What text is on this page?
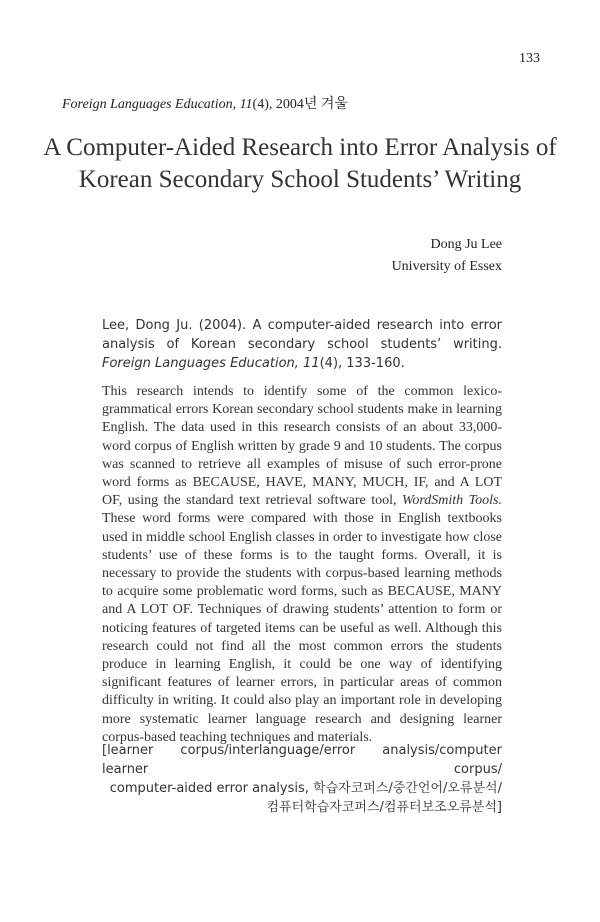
133
Foreign Languages Education, 11(4), 2004년 겨울
A Computer-Aided Research into Error Analysis of
Korean Secondary School Students’ Writing
Dong Ju Lee
University of Essex
Lee, Dong Ju. (2004). A computer-aided research into error analysis of Korean secondary school students’ writing. Foreign Languages Education, 11(4), 133-160.
This research intends to identify some of the common lexico-grammatical errors Korean secondary school students make in learning English. The data used in this research consists of an about 33,000-word corpus of English written by grade 9 and 10 students. The corpus was scanned to retrieve all examples of misuse of such error-prone word forms as BECAUSE, HAVE, MANY, MUCH, IF, and A LOT OF, using the standard text retrieval software tool, WordSmith Tools. These word forms were compared with those in English textbooks used in middle school English classes in order to investigate how close students’ use of these forms is to the taught forms. Overall, it is necessary to provide the students with corpus-based learning methods to acquire some problematic word forms, such as BECAUSE, MANY and A LOT OF. Techniques of drawing students’ attention to form or noticing features of targeted items can be useful as well. Although this research could not find all the most common errors the students produce in learning English, it could be one way of identifying significant features of learner errors, in particular areas of common difficulty in writing. It could also play an important role in developing more systematic learner language research and designing learner corpus-based teaching techniques and materials.
[learner corpus/interlanguage/error analysis/computer learner corpus/
computer-aided error analysis, 학습자코퍼스/중간언어/오류분석/
컴퓨터학습자코퍼스/컴퓨터보조오류분석]
